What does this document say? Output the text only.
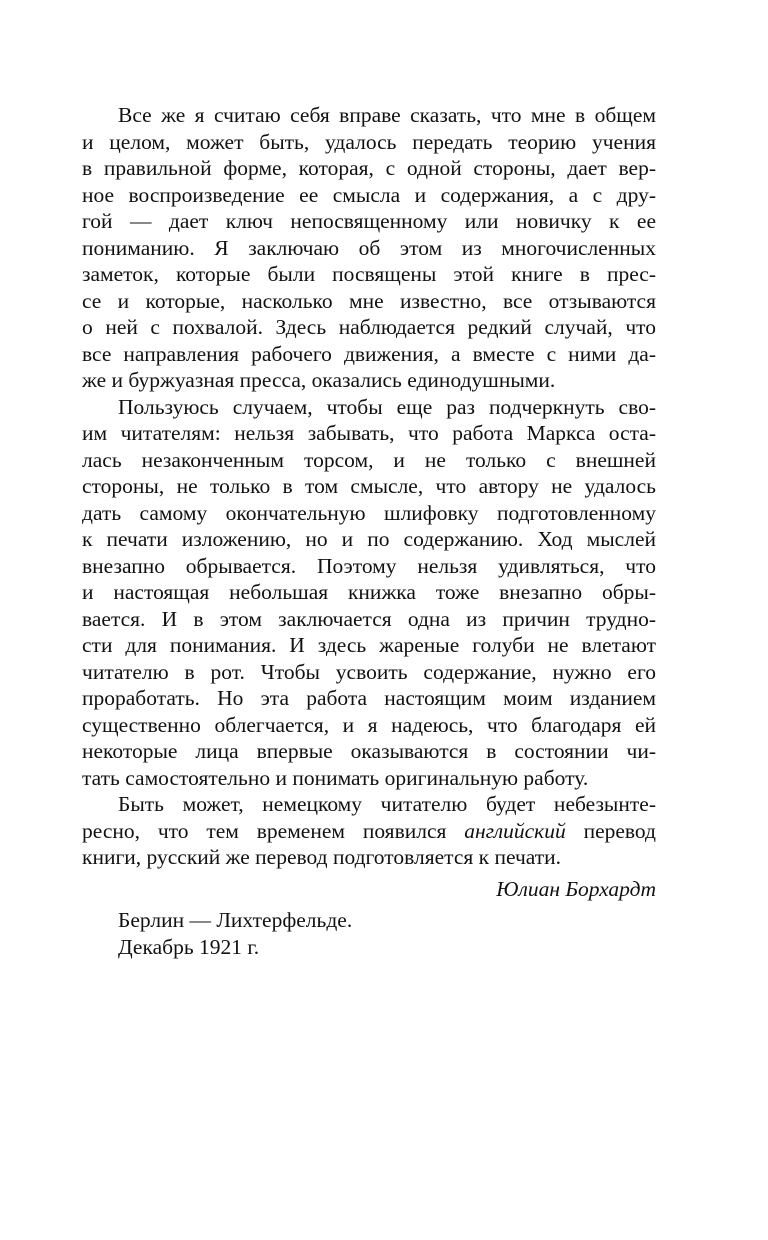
Все же я считаю себя вправе сказать, что мне в общем
и целом, может быть, удалось передать теорию учения
в правильной форме, которая, с одной стороны, дает вер-
ное воспроизведение ее смысла и содержания, а с дру-
гой — дает ключ непосвященному или новичку к ее
пониманию. Я заключаю об этом из многочисленных
заметок, которые были посвящены этой книге в прес-
се и которые, насколько мне известно, все отзываются
о ней с похвалой. Здесь наблюдается редкий случай, что
все направления рабочего движения, а вместе с ними да-
же и буржуазная пресса, оказались единодушными.
Пользуюсь случаем, чтобы еще раз подчеркнуть сво-
им читателям: нельзя забывать, что работа Маркса оста-
лась незаконченным торсом, и не только с внешней
стороны, не только в том смысле, что автору не удалось
дать самому окончательную шлифовку подготовленному
к печати изложению, но и по содержанию. Ход мыслей
внезапно обрывается. Поэтому нельзя удивляться, что
и настоящая небольшая книжка тоже внезапно обры-
вается. И в этом заключается одна из причин трудно-
сти для понимания. И здесь жареные голуби не влетают
читателю в рот. Чтобы усвоить содержание, нужно его
проработать. Но эта работа настоящим моим изданием
существенно облегчается, и я надеюсь, что благодаря ей
некоторые лица впервые оказываются в состоянии чи-
тать самостоятельно и понимать оригинальную работу.
Быть может, немецкому читателю будет небезынте-
ресно, что тем временем появился английский перевод
книги, русский же перевод подготовляется к печати.
Юлиан Борхардт
Берлин — Лихтерфельде.
Декабрь 1921 г.
